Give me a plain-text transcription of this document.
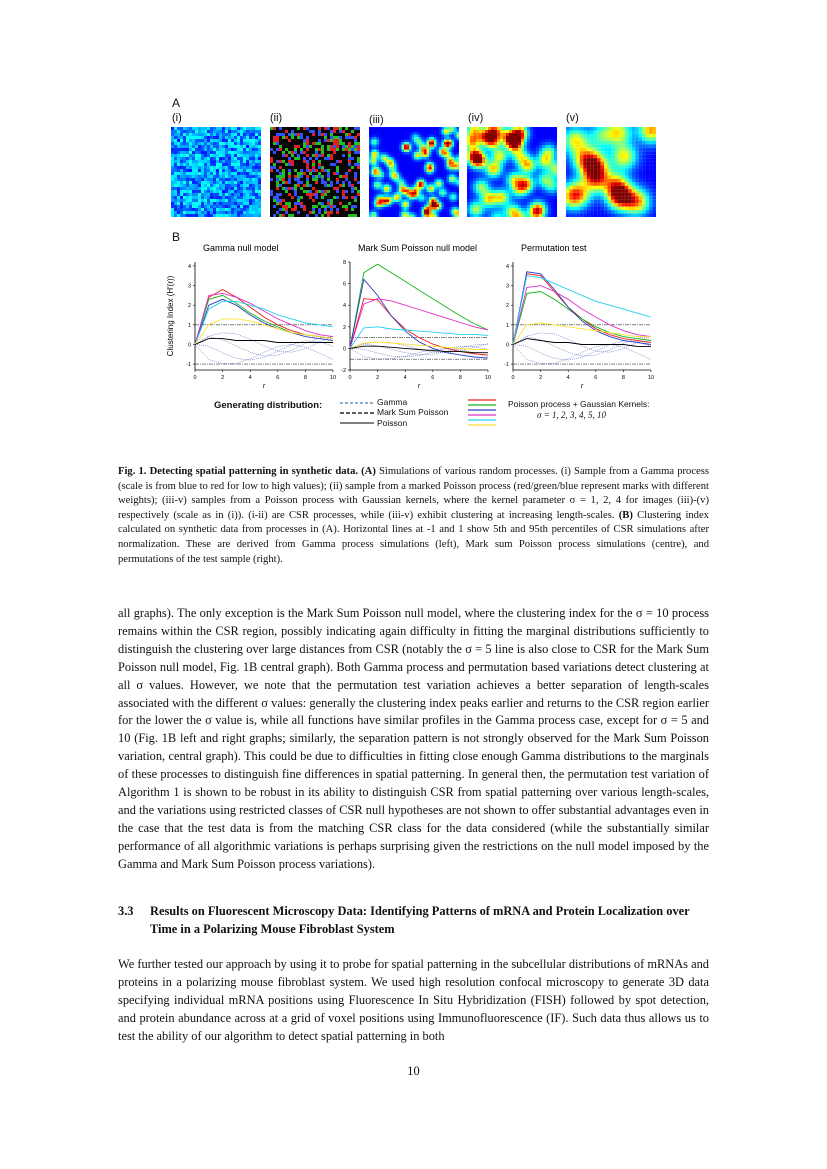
A
(i)	(ii)	(iii)	(iv)	(v)
B
Gamma null model
0	2	4	6	8	10
-1
0
1
2
3
4
r
Clustering Index (H′(r))
Mark Sum Poisson null model
0	2	4	6	8	10
-2
0
2
4
6
8
r
Permutation test
0	2	4	6	8	10
-1
0
1
2
3
4
r
Generating distribution:	Gamma
Mark Sum Poisson
Poisson
Poisson process + Gaussian Kernels:
σ = 1, 2, 3, 4, 5, 10
Fig. 1. Detecting spatial patterning in synthetic data. (A) Simulations of various random processes. (i) Sample from a Gamma process (scale is from blue to red for low to high values); (ii) sample from a marked Poisson process (red/green/blue represent marks with different weights); (iii-v) samples from a Poisson process with Gaussian kernels, where the kernel parameter σ = 1, 2, 4 for images (iii)-(v) respectively (scale as in (i)). (i-ii) are CSR processes, while (iii-v) exhibit clustering at increasing length-scales. (B) Clustering index calculated on synthetic data from processes in (A). Horizontal lines at -1 and 1 show 5th and 95th percentiles of CSR simulations after normalization. These are derived from Gamma process simulations (left), Mark sum Poisson process simulations (centre), and permutations of the test sample (right).
all graphs). The only exception is the Mark Sum Poisson null model, where the clustering index for the σ = 10 process remains within the CSR region, possibly indicating again difficulty in fitting the marginal distributions sufficiently to distinguish the clustering over large distances from CSR (notably the σ = 5 line is also close to CSR for the Mark Sum Poisson null model, Fig. 1B central graph). Both Gamma process and permutation based variations detect clustering at all σ values. However, we note that the permutation test variation achieves a better separation of length-scales associated with the different σ values: generally the clustering index peaks earlier and returns to the CSR region earlier for the lower the σ value is, while all functions have similar profiles in the Gamma process case, except for σ = 5 and 10 (Fig. 1B left and right graphs; similarly, the separation pattern is not strongly observed for the Mark Sum Poisson variation, central graph). This could be due to difficulties in fitting close enough Gamma distributions to the marginals of these processes to distinguish fine differences in spatial patterning. In general then, the permutation test variation of Algorithm 1 is shown to be robust in its ability to distinguish CSR from spatial patterning over various length-scales, and the variations using restricted classes of CSR null hypotheses are not shown to offer substantial advantages even in the case that the test data is from the matching CSR class for the data considered (while the substantially similar performance of all algorithmic variations is perhaps surprising given the restrictions on the null model imposed by the Gamma and Mark Sum Poisson process variations).
3.3 Results on Fluorescent Microscopy Data: Identifying Patterns of mRNA and Protein Localization over Time in a Polarizing Mouse Fibroblast System
We further tested our approach by using it to probe for spatial patterning in the subcellular distributions of mRNAs and proteins in a polarizing mouse fibroblast system. We used high resolution confocal microscopy to generate 3D data specifying individual mRNA positions using Fluorescence In Situ Hybridization (FISH) followed by spot detection, and protein abundance across at a grid of voxel positions using Immunofluorescence (IF). Such data thus allows us to test the ability of our algorithm to detect spatial patterning in both
10
